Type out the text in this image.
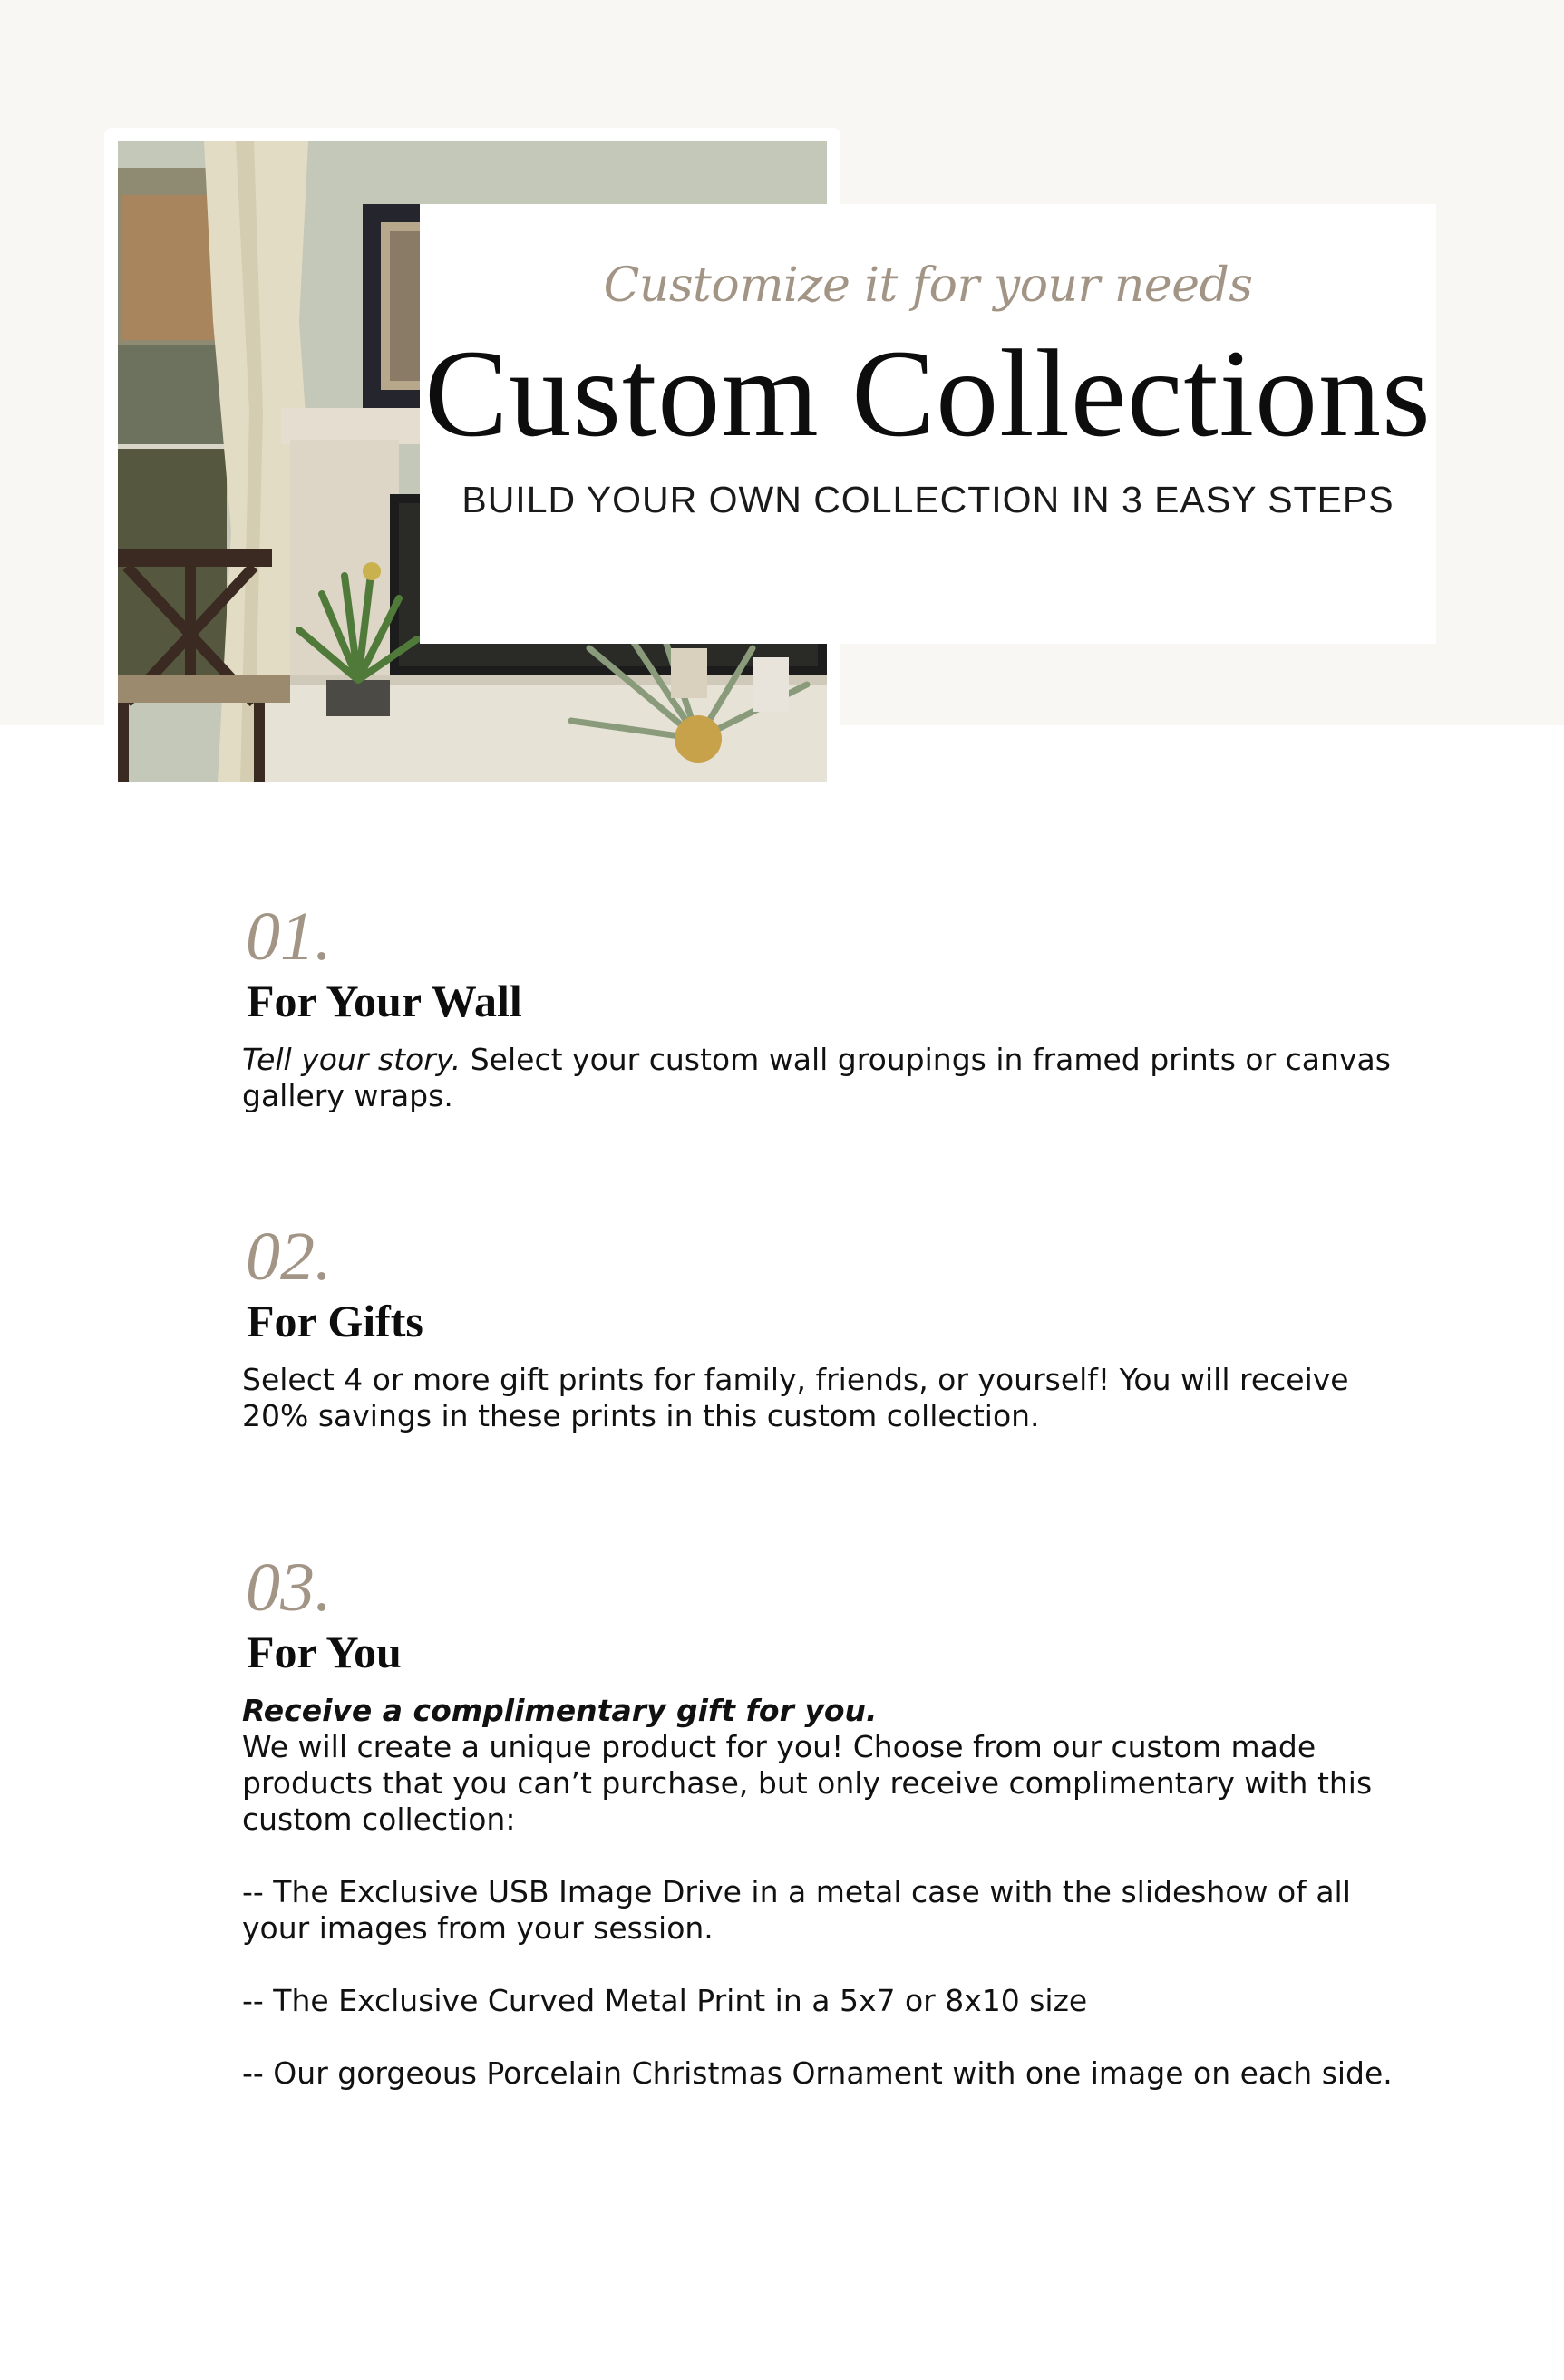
Customize it for your needs
Custom Collections
BUILD YOUR OWN COLLECTION IN 3 EASY STEPS
01.
For Your Wall
Tell your story. Select your custom wall groupings in framed prints or canvas gallery wraps.
02.
For Gifts
Select 4 or more gift prints for family, friends, or yourself! You will receive 20% savings in these prints in this custom collection.
03.
For You

Receive a complimentary gift for you.

We will create a unique product for you! Choose from our custom made products that you can’t purchase, but only receive complimentary with this custom collection:

-- The Exclusive USB Image Drive in a metal case with the slideshow of all your images from your session.

-- The Exclusive Curved Metal Print in a 5x7 or 8x10 size

-- Our gorgeous Porcelain Christmas Ornament with one image on each side.
